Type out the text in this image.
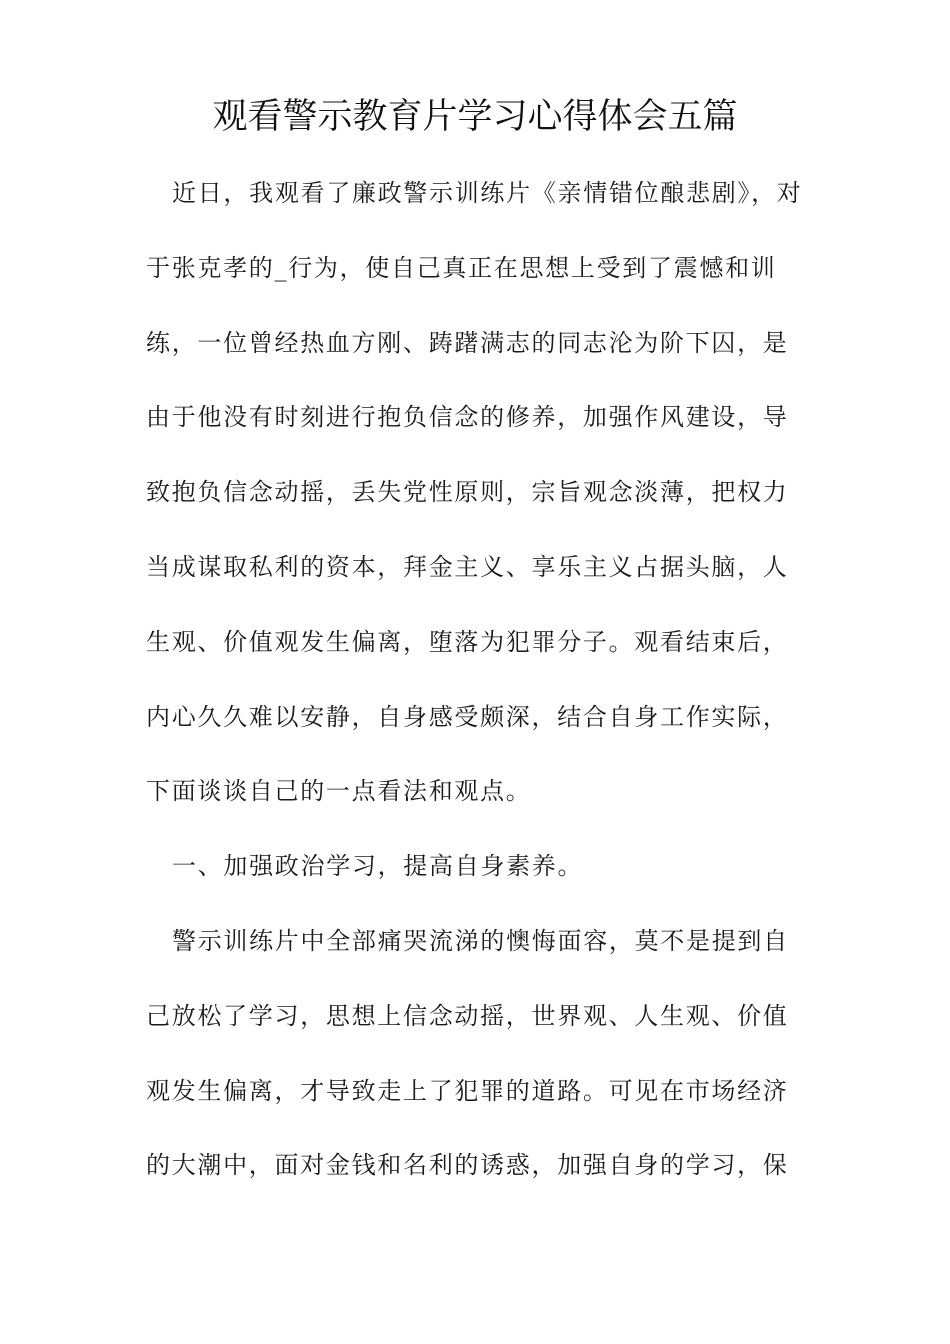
观看警示教育片学习心得体会五篇
近日，我观看了廉政警示训练片《亲情错位酿悲剧》，对
于张克孝的_行为，使自己真正在思想上受到了震憾和训
练，一位曾经热血方刚、踌躇满志的同志沦为阶下囚，是
由于他没有时刻进行抱负信念的修养，加强作风建设，导
致抱负信念动摇，丢失党性原则，宗旨观念淡薄，把权力
当成谋取私利的资本，拜金主义、享乐主义占据头脑，人
生观、价值观发生偏离，堕落为犯罪分子。观看结束后，
内心久久难以安静，自身感受颇深，结合自身工作实际，
下面谈谈自己的一点看法和观点。
一、加强政治学习，提高自身素养。
警示训练片中全部痛哭流涕的懊悔面容，莫不是提到自
己放松了学习，思想上信念动摇，世界观、人生观、价值
观发生偏离，才导致走上了犯罪的道路。可见在市场经济
的大潮中，面对金钱和名利的诱惑，加强自身的学习，保
